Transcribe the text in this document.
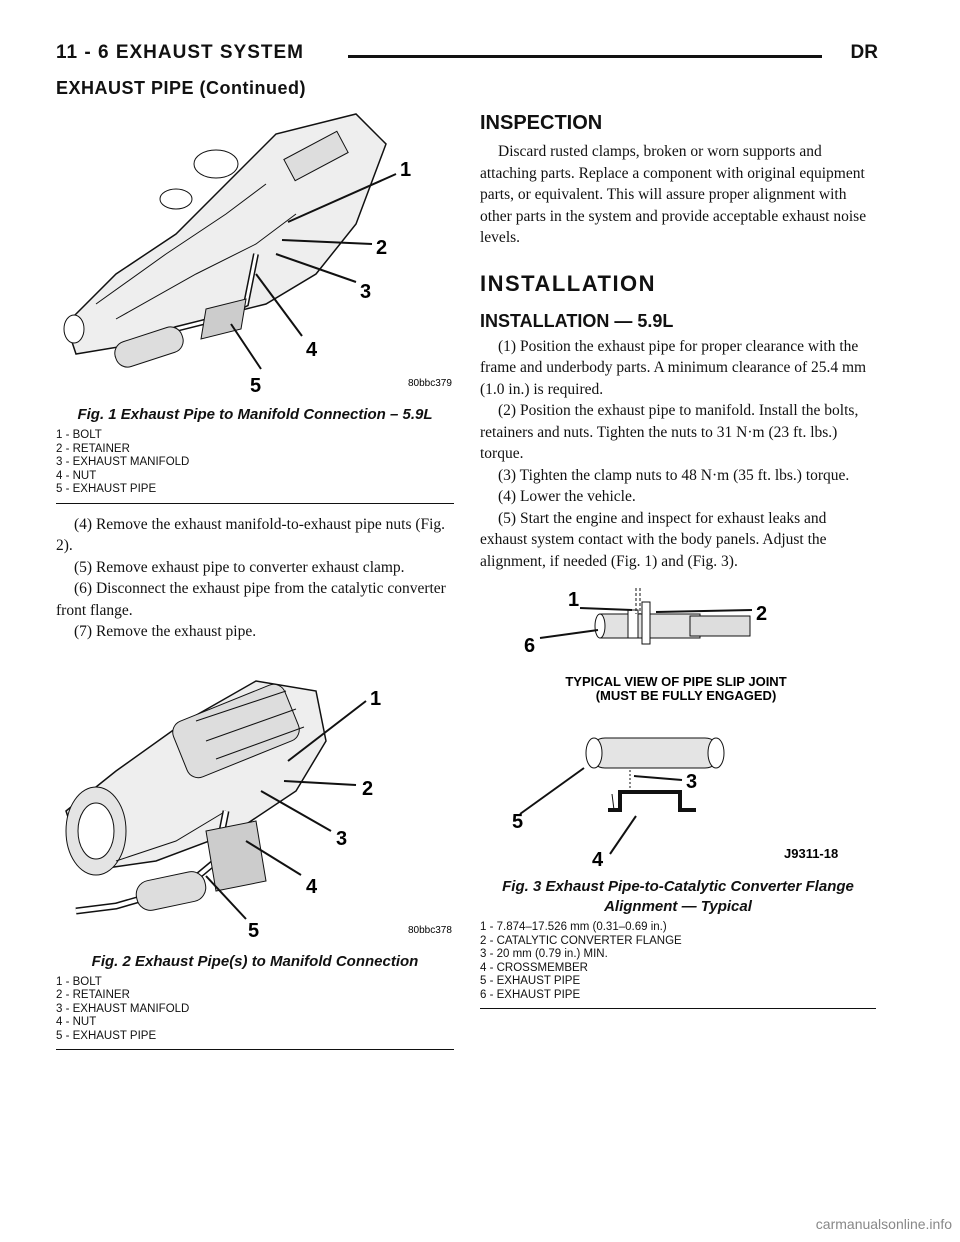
11 - 6 EXHAUST SYSTEM	DR
EXHAUST PIPE (Continued)
1
2
3
4
5	80bbc379
Fig. 1 Exhaust Pipe to Manifold Connection – 5.9L
1 - BOLT
2 - RETAINER
3 - EXHAUST MANIFOLD
4 - NUT
5 - EXHAUST PIPE

(4) Remove the exhaust manifold-to-exhaust pipe nuts (Fig. 2).

(5) Remove exhaust pipe to converter exhaust clamp.

(6) Disconnect the exhaust pipe from the catalytic converter front flange.

(7) Remove the exhaust pipe.

1
2
3
4
5	80bbc378
Fig. 2 Exhaust Pipe(s) to Manifold Connection
1 - BOLT
2 - RETAINER
3 - EXHAUST MANIFOLD
4 - NUT
5 - EXHAUST PIPE
INSPECTION

Discard rusted clamps, broken or worn supports and attaching parts. Replace a component with original equipment parts, or equivalent. This will assure proper alignment with other parts in the system and provide acceptable exhaust noise levels.

INSTALLATION
INSTALLATION — 5.9L

(1) Position the exhaust pipe for proper clearance with the frame and underbody parts. A minimum clearance of 25.4 mm (1.0 in.) is required.

(2) Position the exhaust pipe to manifold. Install the bolts, retainers and nuts. Tighten the nuts to 31 N·m (23 ft. lbs.) torque.

(3) Tighten the clamp nuts to 48 N·m (35 ft. lbs.) torque.

(4) Lower the vehicle.

(5) Start the engine and inspect for exhaust leaks and exhaust system contact with the body panels. Adjust the alignment, if needed (Fig. 1) and (Fig. 3).

1
2
6
TYPICAL VIEW OF PIPE SLIP JOINT
(MUST BE FULLY ENGAGED)
5
3
4	J9311-18
Fig. 3 Exhaust Pipe-to-Catalytic Converter Flange Alignment — Typical
1 - 7.874–17.526 mm (0.31–0.69 in.)
2 - CATALYTIC CONVERTER FLANGE
3 - 20 mm (0.79 in.) MIN.
4 - CROSSMEMBER
5 - EXHAUST PIPE
6 - EXHAUST PIPE
carmanualsonline.info
